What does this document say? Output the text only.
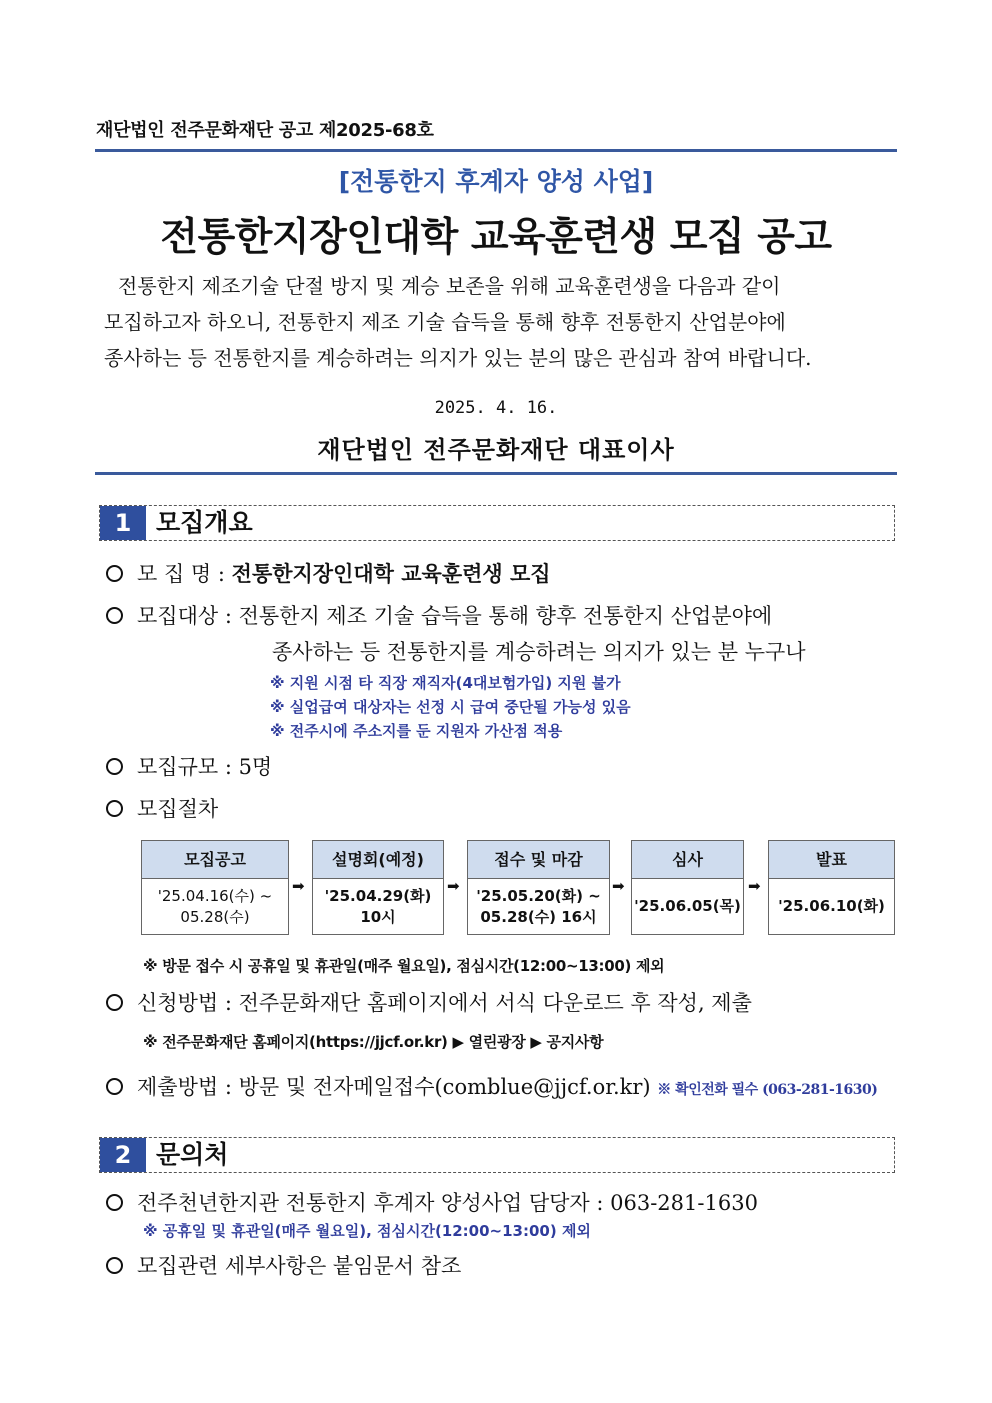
재단법인 전주문화재단 공고 제2025-68호
[전통한지 후계자 양성 사업]
전통한지장인대학 교육훈련생 모집 공고

전통한지 제조기술 단절 방지 및 계승 보존을 위해 교육훈련생을 다음과 같이

모집하고자 하오니, 전통한지 제조 기술 습득을 통해 향후 전통한지 산업분야에

종사하는 등 전통한지를 계승하려는 의지가 있는 분의 많은 관심과 참여 바랍니다.

2025. 4. 16.
재단법인 전주문화재단 대표이사
1 모집개요
모 집 명 : 전통한지장인대학 교육훈련생 모집
모집대상 : 전통한지 제조 기술 습득을 통해 향후 전통한지 산업분야에
종사하는 등 전통한지를 계승하려는 의지가 있는 분 누구나
※ 지원 시점 타 직장 재직자(4대보험가입) 지원 불가
※ 실업급여 대상자는 선정 시 급여 중단될 가능성 있음
※ 전주시에 주소지를 둔 지원자 가산점 적용
모집규모 : 5명
모집절차
모집공고
'25.04.16(수) ~
05.28(수)
➡
설명회(예정)
'25.04.29(화)
10시
➡
접수 및 마감
'25.05.20(화) ~
05.28(수) 16시
➡
심사
'25.06.05(목)
➡
발표
'25.06.10(화)
※ 방문 접수 시 공휴일 및 휴관일(매주 월요일), 점심시간(12:00~13:00) 제외
신청방법 : 전주문화재단 홈페이지에서 서식 다운로드 후 작성, 제출
※ 전주문화재단 홈페이지(https://jjcf.or.kr) ▶ 열린광장 ▶ 공지사항
제출방법 : 방문 및 전자메일접수(comblue@jjcf.or.kr) ※ 확인전화 필수 (063-281-1630)
2 문의처
전주천년한지관 전통한지 후계자 양성사업 담당자 : 063-281-1630
※ 공휴일 및 휴관일(매주 월요일), 점심시간(12:00~13:00) 제외
모집관련 세부사항은 붙임문서 참조
